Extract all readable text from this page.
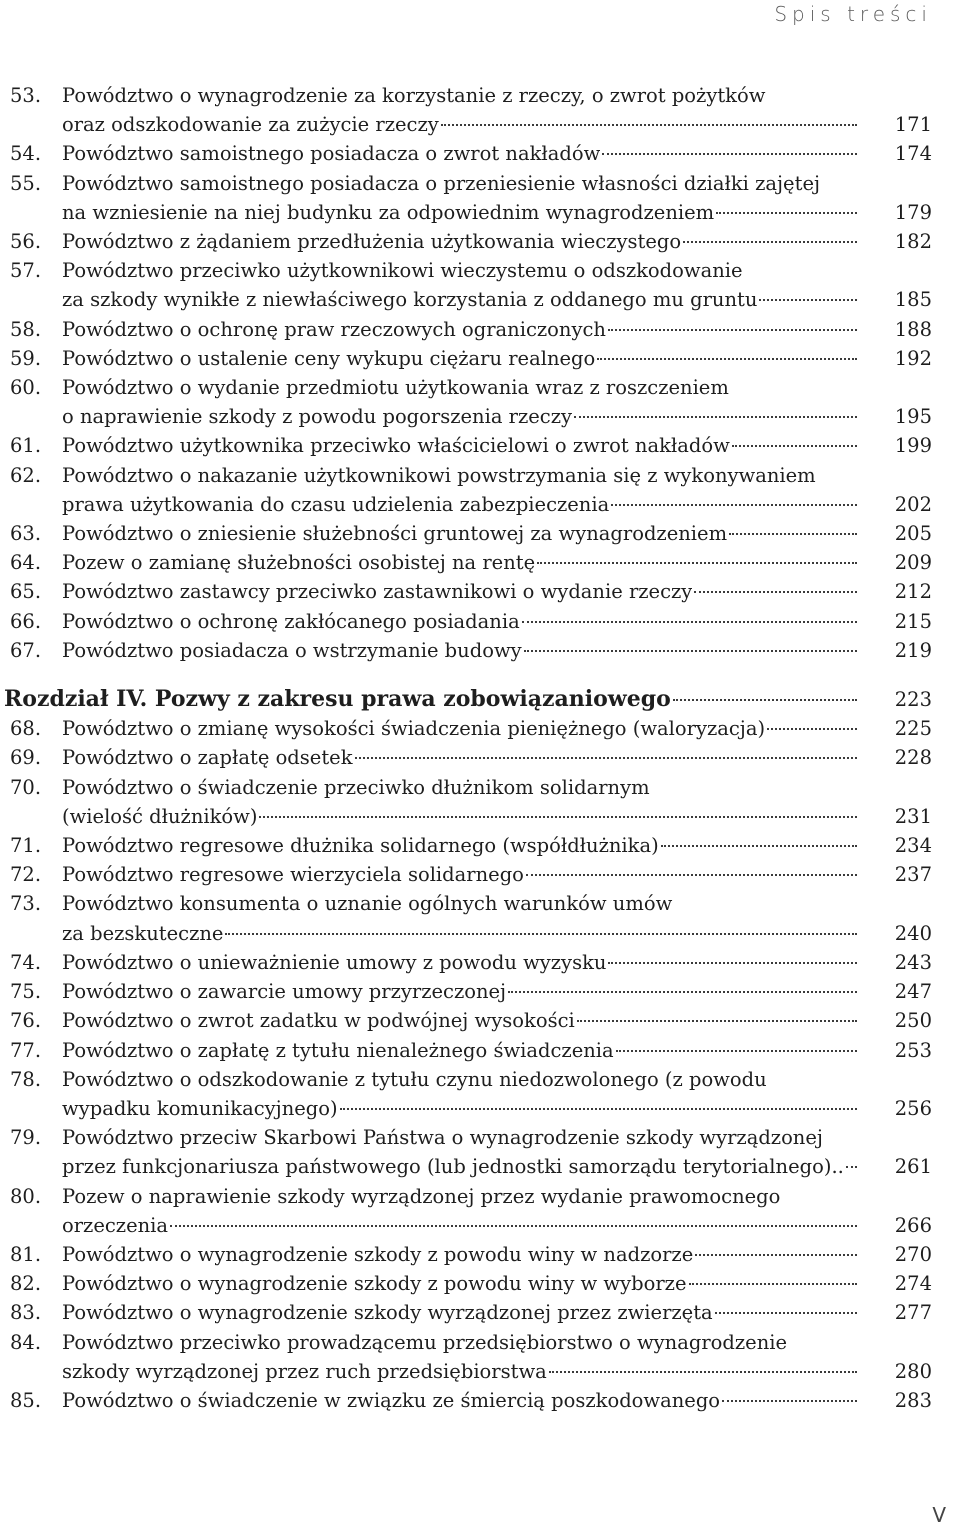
Spis treści
53.	Powództwo o wynagrodzenie za korzystanie z rzeczy, o zwrot pożytków
oraz odszkodowanie za zużycie rzeczy	171
54.	Powództwo samoistnego posiadacza o zwrot nakładów	174
55.	Powództwo samoistnego posiadacza o przeniesienie własności działki zajętej
na wzniesienie na niej budynku za odpowiednim wynagrodzeniem	179
56.	Powództwo z żądaniem przedłużenia użytkowania wieczystego	182
57.	Powództwo przeciwko użytkownikowi wieczystemu o odszkodowanie
za szkody wynikłe z niewłaściwego korzystania z oddanego mu gruntu	185
58.	Powództwo o ochronę praw rzeczowych ograniczonych	188
59.	Powództwo o ustalenie ceny wykupu ciężaru realnego	192
60.	Powództwo o wydanie przedmiotu użytkowania wraz z roszczeniem
o naprawienie szkody z powodu pogorszenia rzeczy	195
61.	Powództwo użytkownika przeciwko właścicielowi o zwrot nakładów	199
62.	Powództwo o nakazanie użytkownikowi powstrzymania się z wykonywaniem
prawa użytkowania do czasu udzielenia zabezpieczenia	202
63.	Powództwo o zniesienie służebności gruntowej za wynagrodzeniem	205
64.	Pozew o zamianę służebności osobistej na rentę	209
65.	Powództwo zastawcy przeciwko zastawnikowi o wydanie rzeczy	212
66.	Powództwo o ochronę zakłócanego posiadania	215
67.	Powództwo posiadacza o wstrzymanie budowy	219
Rozdział IV. Pozwy z zakresu prawa zobowiązaniowego	223
68.	Powództwo o zmianę wysokości świadczenia pieniężnego (waloryzacja)	225
69.	Powództwo o zapłatę odsetek	228
70.	Powództwo o świadczenie przeciwko dłużnikom solidarnym
(wielość dłużników)	231
71.	Powództwo regresowe dłużnika solidarnego (współdłużnika)	234
72.	Powództwo regresowe wierzyciela solidarnego	237
73.	Powództwo konsumenta o uznanie ogólnych warunków umów
za bezskuteczne	240
74.	Powództwo o unieważnienie umowy z powodu wyzysku	243
75.	Powództwo o zawarcie umowy przyrzeczonej	247
76.	Powództwo o zwrot zadatku w podwójnej wysokości	250
77.	Powództwo o zapłatę z tytułu nienależnego świadczenia	253
78.	Powództwo o odszkodowanie z tytułu czynu niedozwolonego (z powodu
wypadku komunikacyjnego)	256
79.	Powództwo przeciw Skarbowi Państwa o wynagrodzenie szkody wyrządzonej
przez funkcjonariusza państwowego (lub jednostki samorządu terytorialnego)..	261
80.	Pozew o naprawienie szkody wyrządzonej przez wydanie prawomocnego
orzeczenia	266
81.	Powództwo o wynagrodzenie szkody z powodu winy w nadzorze	270
82.	Powództwo o wynagrodzenie szkody z powodu winy w wyborze	274
83.	Powództwo o wynagrodzenie szkody wyrządzonej przez zwierzęta	277
84.	Powództwo przeciwko prowadzącemu przedsiębiorstwo o wynagrodzenie
szkody wyrządzonej przez ruch przedsiębiorstwa	280
85.	Powództwo o świadczenie w związku ze śmiercią poszkodowanego	283
V
